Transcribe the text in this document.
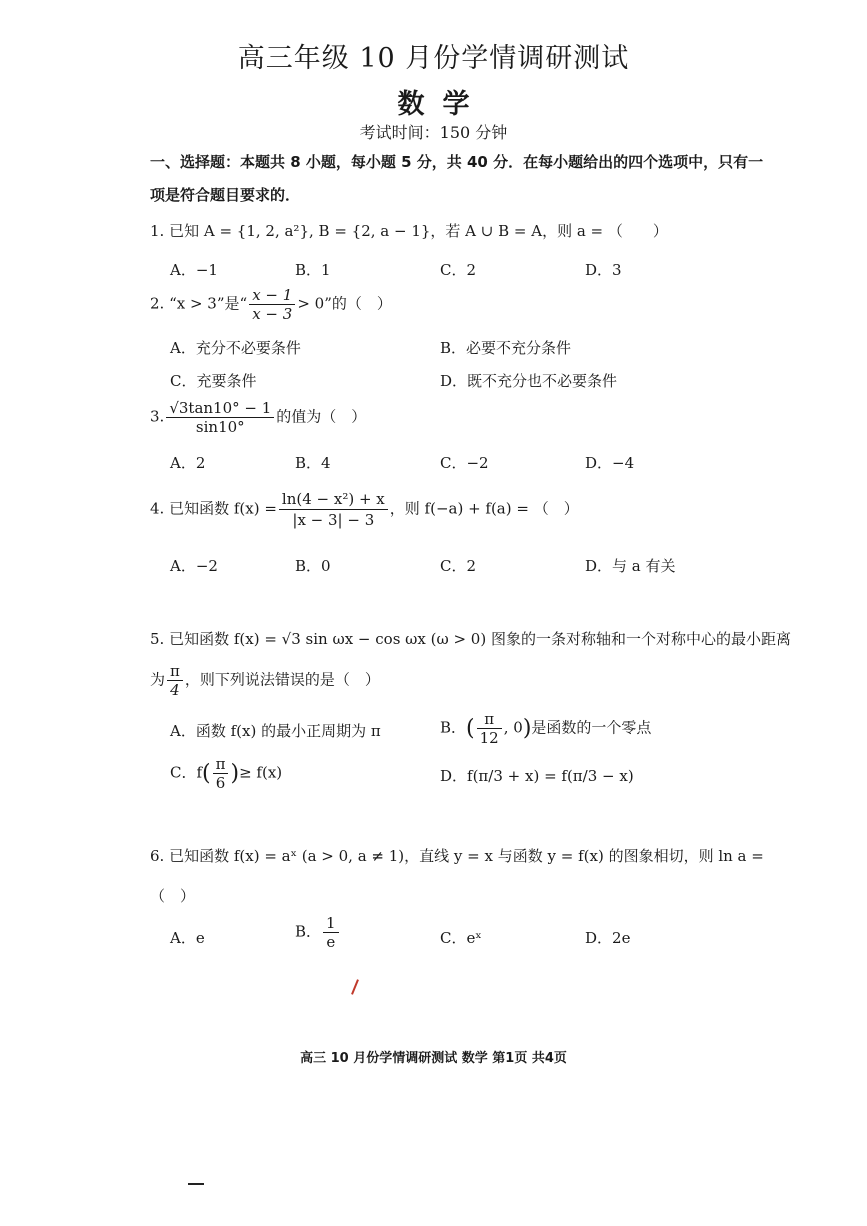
高三年级 10 月份学情调研测试
数学
考试时间：150 分钟
一、选择题：本题共 8 小题，每小题 5 分，共 40 分．在每小题给出的四个选项中，只有一
项是符合题目要求的．
1. 已知 A = {1, 2, a²}, B = {2, a − 1}，若 A ∪ B = A，则 a = （　　）
A．−1	B．1	C．2	D．3
2. “x > 3”是“ $\frac{x - 1}{x - 3} > 0$”的（　）
A．充分不必要条件	B．必要不充分条件
C．充要条件	D．既不充分也不必要条件
3. $\frac{√3\tan 10^\circ - 1}{\sin 10^\circ}$ 的值为（　）
A．2	B．4	C．−2	D．−4
4. 已知函数 $f(x) = \frac{\text{ln(4 − x²) + x}}{|x - 3| - 3}$ ，则 f(−a) + f(a) = （　）
A．−2	B．0	C．2	D．与 a 有关
5. 已知函数 f(x) = √3 sin ωx − cos ωx (ω > 0) 图象的一条对称轴和一个对称中心的最小距离
为 $\frac{\pi}{4}$ ，则下列说法错误的是（　）
A．函数 f(x) 的最小正周期为 π	B．( $\frac{\pi}{12}$ , 0)是函数的一个零点
C．$f( \frac{\pi}{6}$ )≥ f(x)	D．f(π/3 + x) = f(π/3 − x)
6. 已知函数 f(x) = aˣ (a > 0, a ≠ 1)，直线 y = x 与函数 y = f(x) 的图象相切，则 ln a =
（　）
A．e	B． $\frac{1}{e}$	C．eˣ	D．2e
高三 10 月份学情调研测试 数学 第1页 共4页
